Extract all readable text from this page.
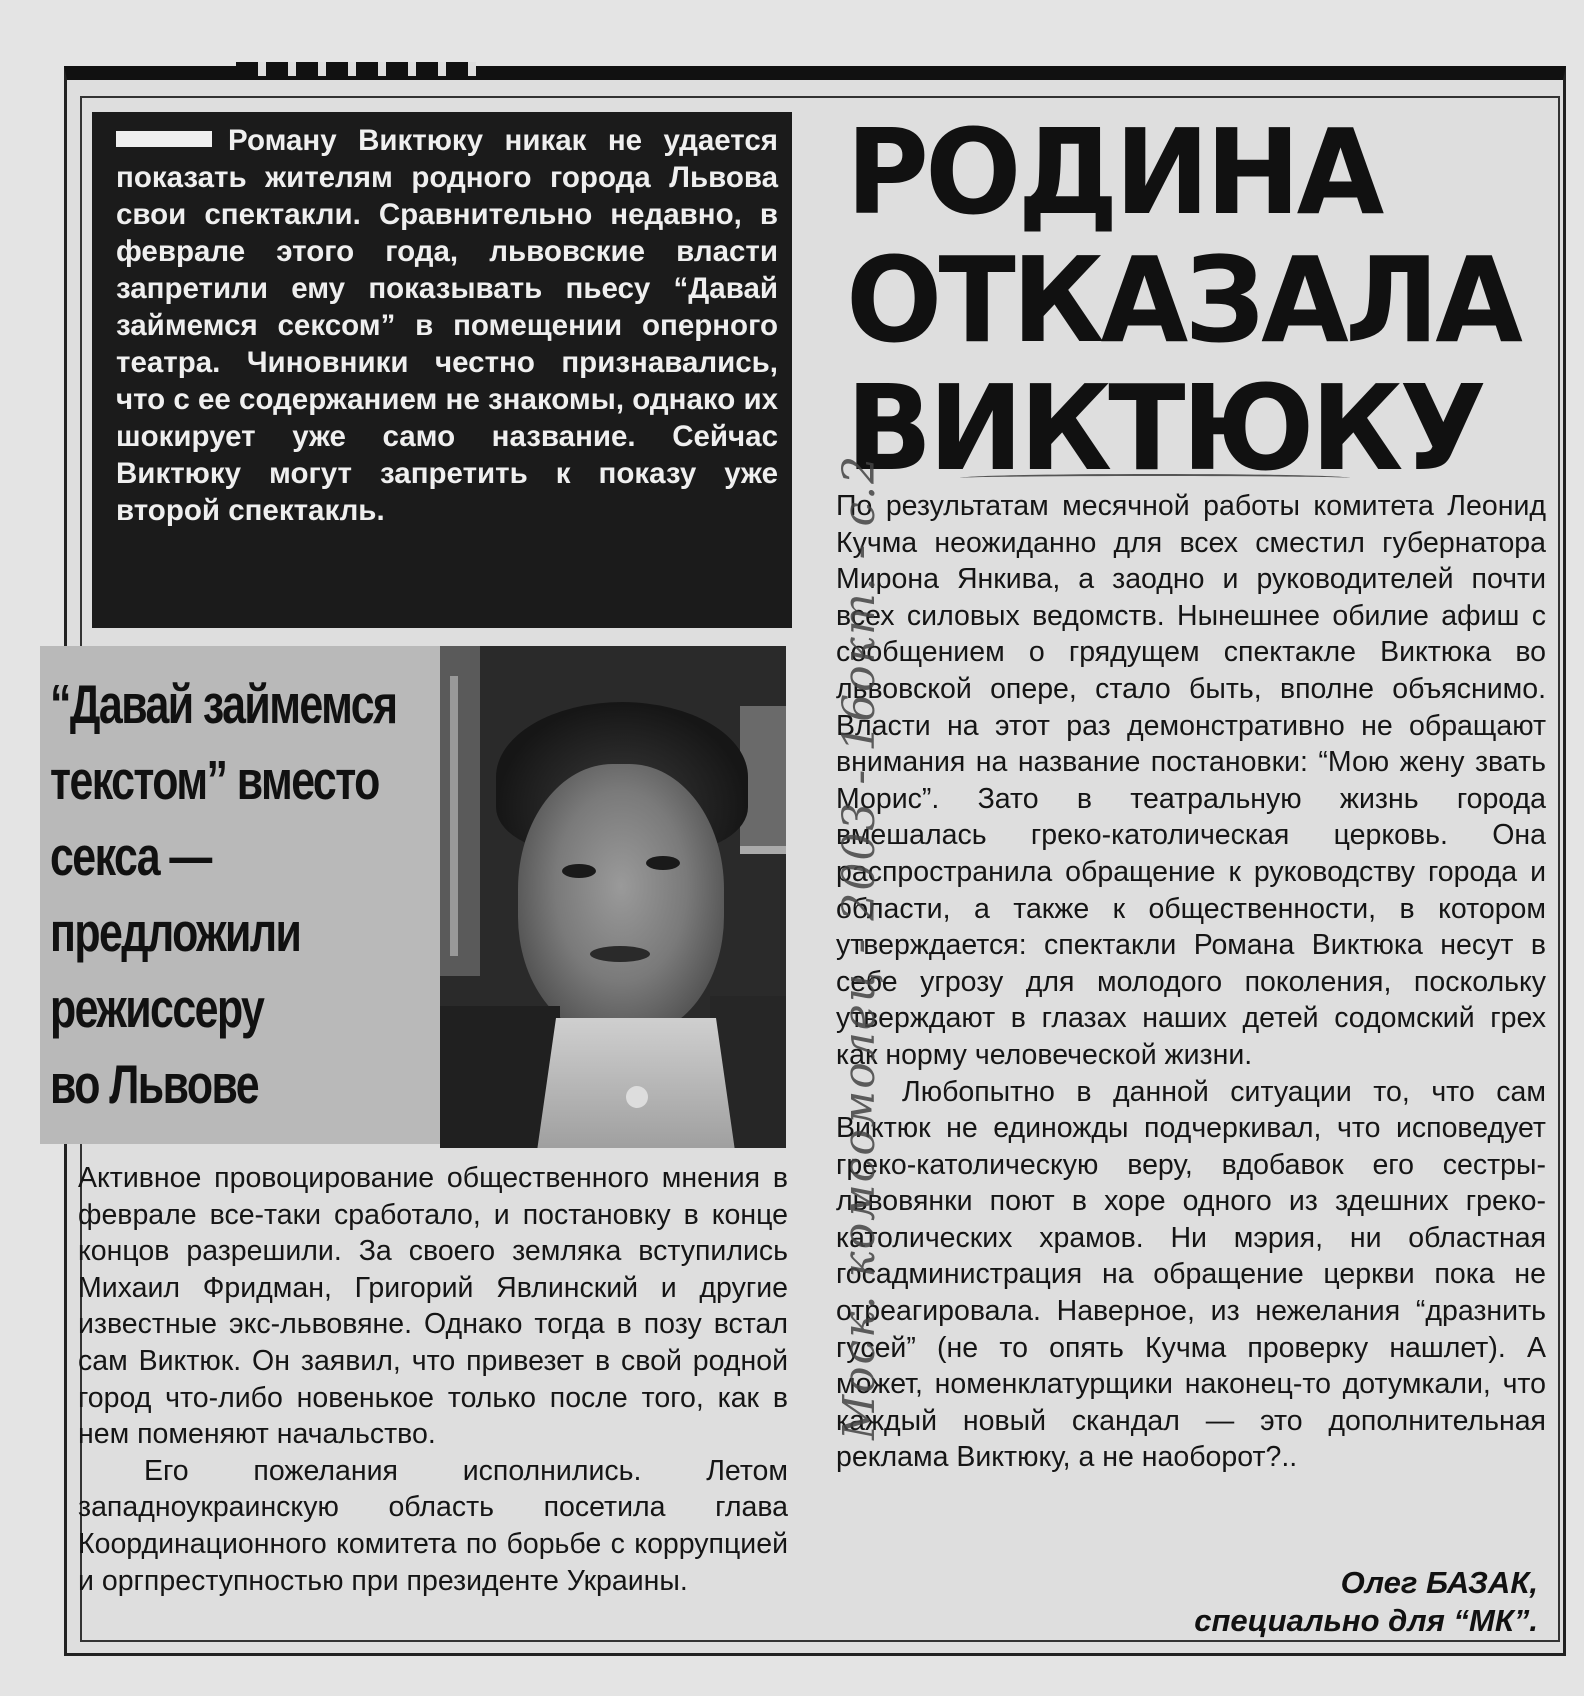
Роману Виктюку никак не удается показать жителям родного города Львова свои спектакли. Сравнительно недавно, в феврале этого года, львовские власти запретили ему показывать пьесу “Давай займемся сексом” в помещении оперного театра. Чиновники честно признавались, что с ее содержанием не знакомы, однако их шокирует уже само название. Сейчас Виктюку могут запретить к показу уже второй спектакль.

РОДИНА
ОТКАЗАЛА
ВИКТЮКУ
“Давай займемся
текстом” вместо
секса —
предложили
режиссеру
во Львове

Активное провоцирование общественного мнения в феврале все-таки сработало, и постановку в конце концов разрешили. За своего земляка вступились Михаил Фридман, Григорий Явлинский и другие известные экс-львовяне. Однако тогда в позу встал сам Виктюк. Он заявил, что привезет в свой родной город что-либо новенькое только после того, как в нем поменяют начальство.

Его пожелания исполнились. Летом западноукраинскую область посетила глава Координационного комитета по борьбе с коррупцией и оргпреступностью при президенте Украины.

По результатам месячной работы комитета Леонид Кучма неожиданно для всех сместил губернатора Мирона Янкива, а заодно и руководителей почти всех силовых ведомств. Нынешнее обилие афиш с сообщением о грядущем спектакле Виктюка во львовской опере, стало быть, вполне объяснимо. Власти на этот раз демонстративно не обращают внимания на название постановки: “Мою жену звать Морис”. Зато в театральную жизнь города вмешалась греко-католическая церковь. Она распространила обращение к руководству города и области, а также к общественности, в котором утверждается: спектакли Романа Виктюка несут в себе угрозу для молодого поколения, поскольку утверждают в глазах наших детей содомский грех как норму человеческой жизни.

Любопытно в данной ситуации то, что сам Виктюк не единожды подчеркивал, что исповедует греко-католическую веру, вдобавок его сестры-львовянки поют в хоре одного из здешних греко-католических храмов. Ни мэрия, ни областная госадминистрация на обращение церкви пока не отреагировала. Наверное, из нежелания “дразнить гусей” (не то опять Кучма проверку нашлет). А может, номенклатурщики наконец-то дотумкали, что каждый новый скандал — это дополнительная реклама Виктюку, а не наоборот?..

Олег БАЗАК,
специально для “МК”.
Моск. комсомолец - 2003 - 16окт. - с.2
